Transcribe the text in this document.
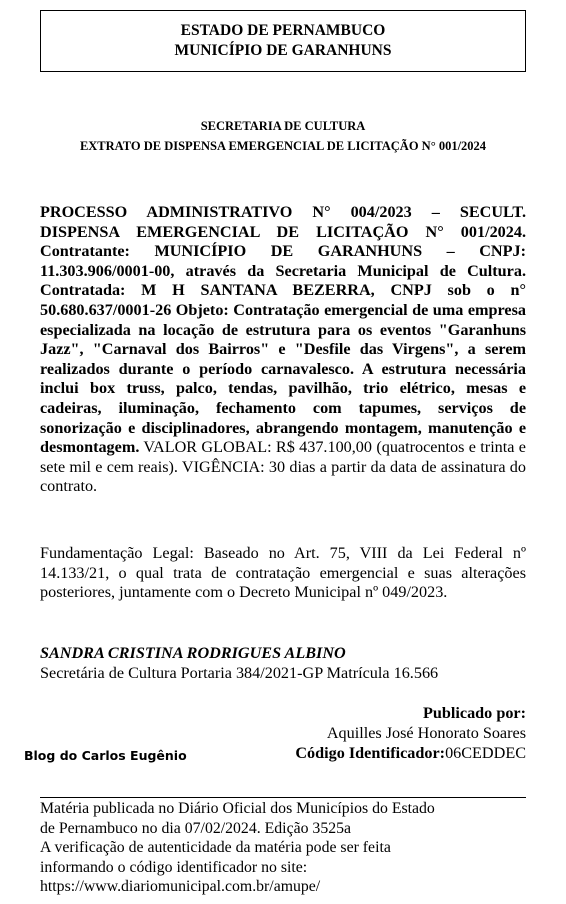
ESTADO DE PERNAMBUCO
MUNICÍPIO DE GARANHUNS
SECRETARIA DE CULTURA
EXTRATO DE DISPENSA EMERGENCIAL DE LICITAÇÃO N° 001/2024
PROCESSO ADMINISTRATIVO N° 004/2023 – SECULT. DISPENSA EMERGENCIAL DE LICITAÇÃO N° 001/2024. Contratante: MUNICÍPIO DE GARANHUNS – CNPJ: 11.303.906/0001-00, através da Secretaria Municipal de Cultura. Contratada: M H SANTANA BEZERRA, CNPJ sob o n° 50.680.637/0001-26 Objeto: Contratação emergencial de uma empresa especializada na locação de estrutura para os eventos "Garanhuns Jazz", "Carnaval dos Bairros" e "Desfile das Virgens", a serem realizados durante o período carnavalesco. A estrutura necessária inclui box truss, palco, tendas, pavilhão, trio elétrico, mesas e cadeiras, iluminação, fechamento com tapumes, serviços de sonorização e disciplinadores, abrangendo montagem, manutenção e desmontagem. VALOR GLOBAL: R$ 437.100,00 (quatrocentos e trinta e sete mil e cem reais). VIGÊNCIA: 30 dias a partir da data de assinatura do contrato.
Fundamentação Legal: Baseado no Art. 75, VIII da Lei Federal nº 14.133/21, o qual trata de contratação emergencial e suas alterações posteriores, juntamente com o Decreto Municipal nº 049/2023.
SANDRA CRISTINA RODRIGUES ALBINO
Secretária de Cultura Portaria 384/2021-GP Matrícula 16.566
Publicado por:
Aquilles José Honorato Soares
Código Identificador:06CEDDEC
Blog do Carlos Eugênio
Matéria publicada no Diário Oficial dos Municípios do Estado
de Pernambuco no dia 07/02/2024. Edição 3525a
A verificação de autenticidade da matéria pode ser feita
informando o código identificador no site:
https://www.diariomunicipal.com.br/amupe/
